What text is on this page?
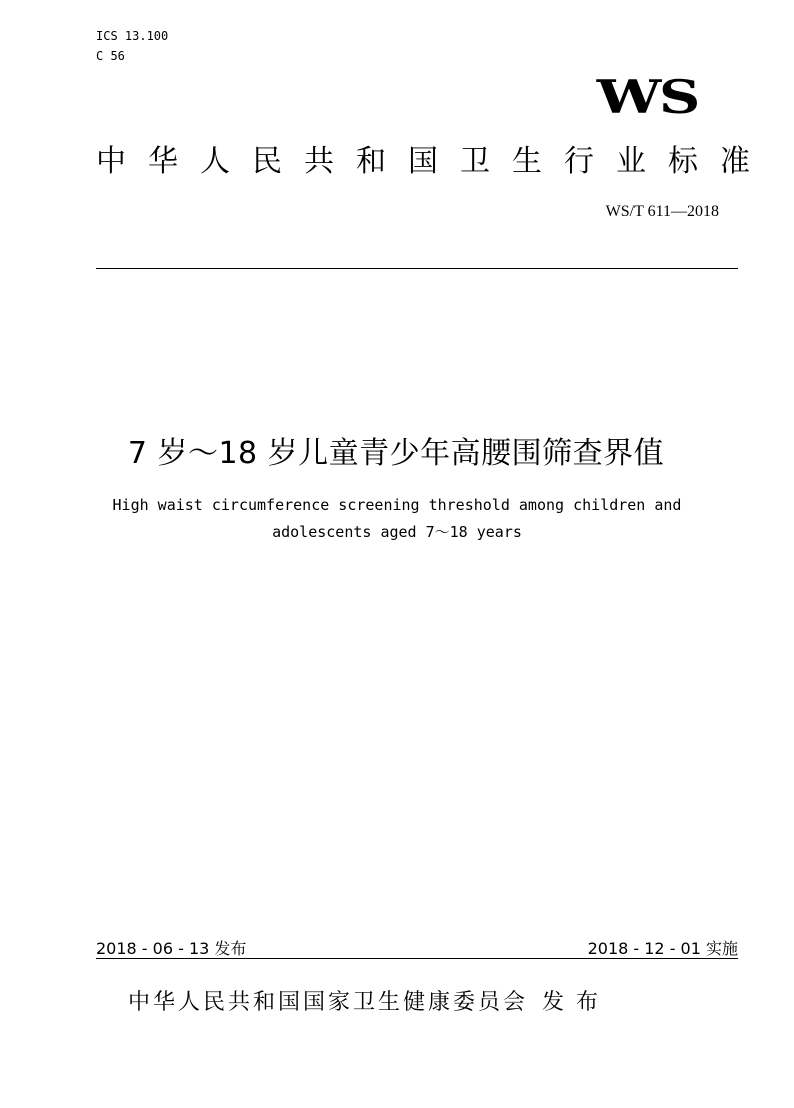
ICS 13.100
C 56
WS
中华人民共和国卫生行业标准
WS/T 611—2018
7 岁～18 岁儿童青少年高腰围筛查界值
High waist circumference screening threshold among children and
adolescents aged 7～18 years
2018 - 06 - 13 发布	2018 - 12 - 01 实施
中华人民共和国国家卫生健康委员会 发布
